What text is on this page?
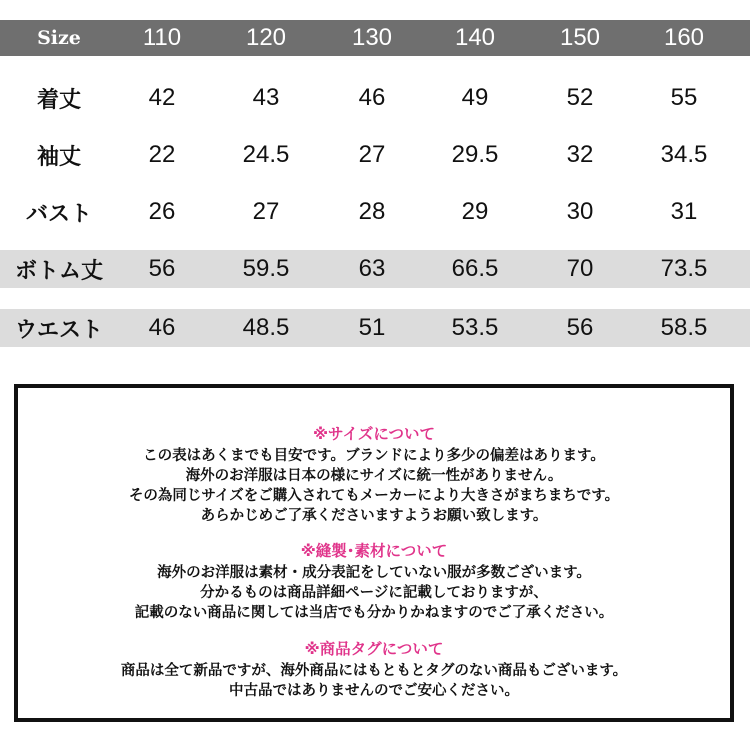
Size	110	120	130	140	150	160
着丈	42	43	46	49	52	55
袖丈	22	24.5	27	29.5	32	34.5
バスト	26	27	28	29	30	31
ボトム丈	56	59.5	63	66.5	70	73.5
ウエスト	46	48.5	51	53.5	56	58.5
※サイズについて
この表はあくまでも目安です。ブランドにより多少の偏差はあります。
海外のお洋服は日本の様にサイズに統一性がありません。
その為同じサイズをご購入されてもメーカーにより大きさがまちまちです。
あらかじめご了承くださいますようお願い致します。
※縫製･素材について
海外のお洋服は素材・成分表記をしていない服が多数ございます。
分かるものは商品詳細ページに記載しておりますが、
記載のない商品に関しては当店でも分かりかねますのでご了承ください。
※商品タグについて
商品は全て新品ですが、海外商品にはもともとタグのない商品もございます。
中古品ではありませんのでご安心ください。
